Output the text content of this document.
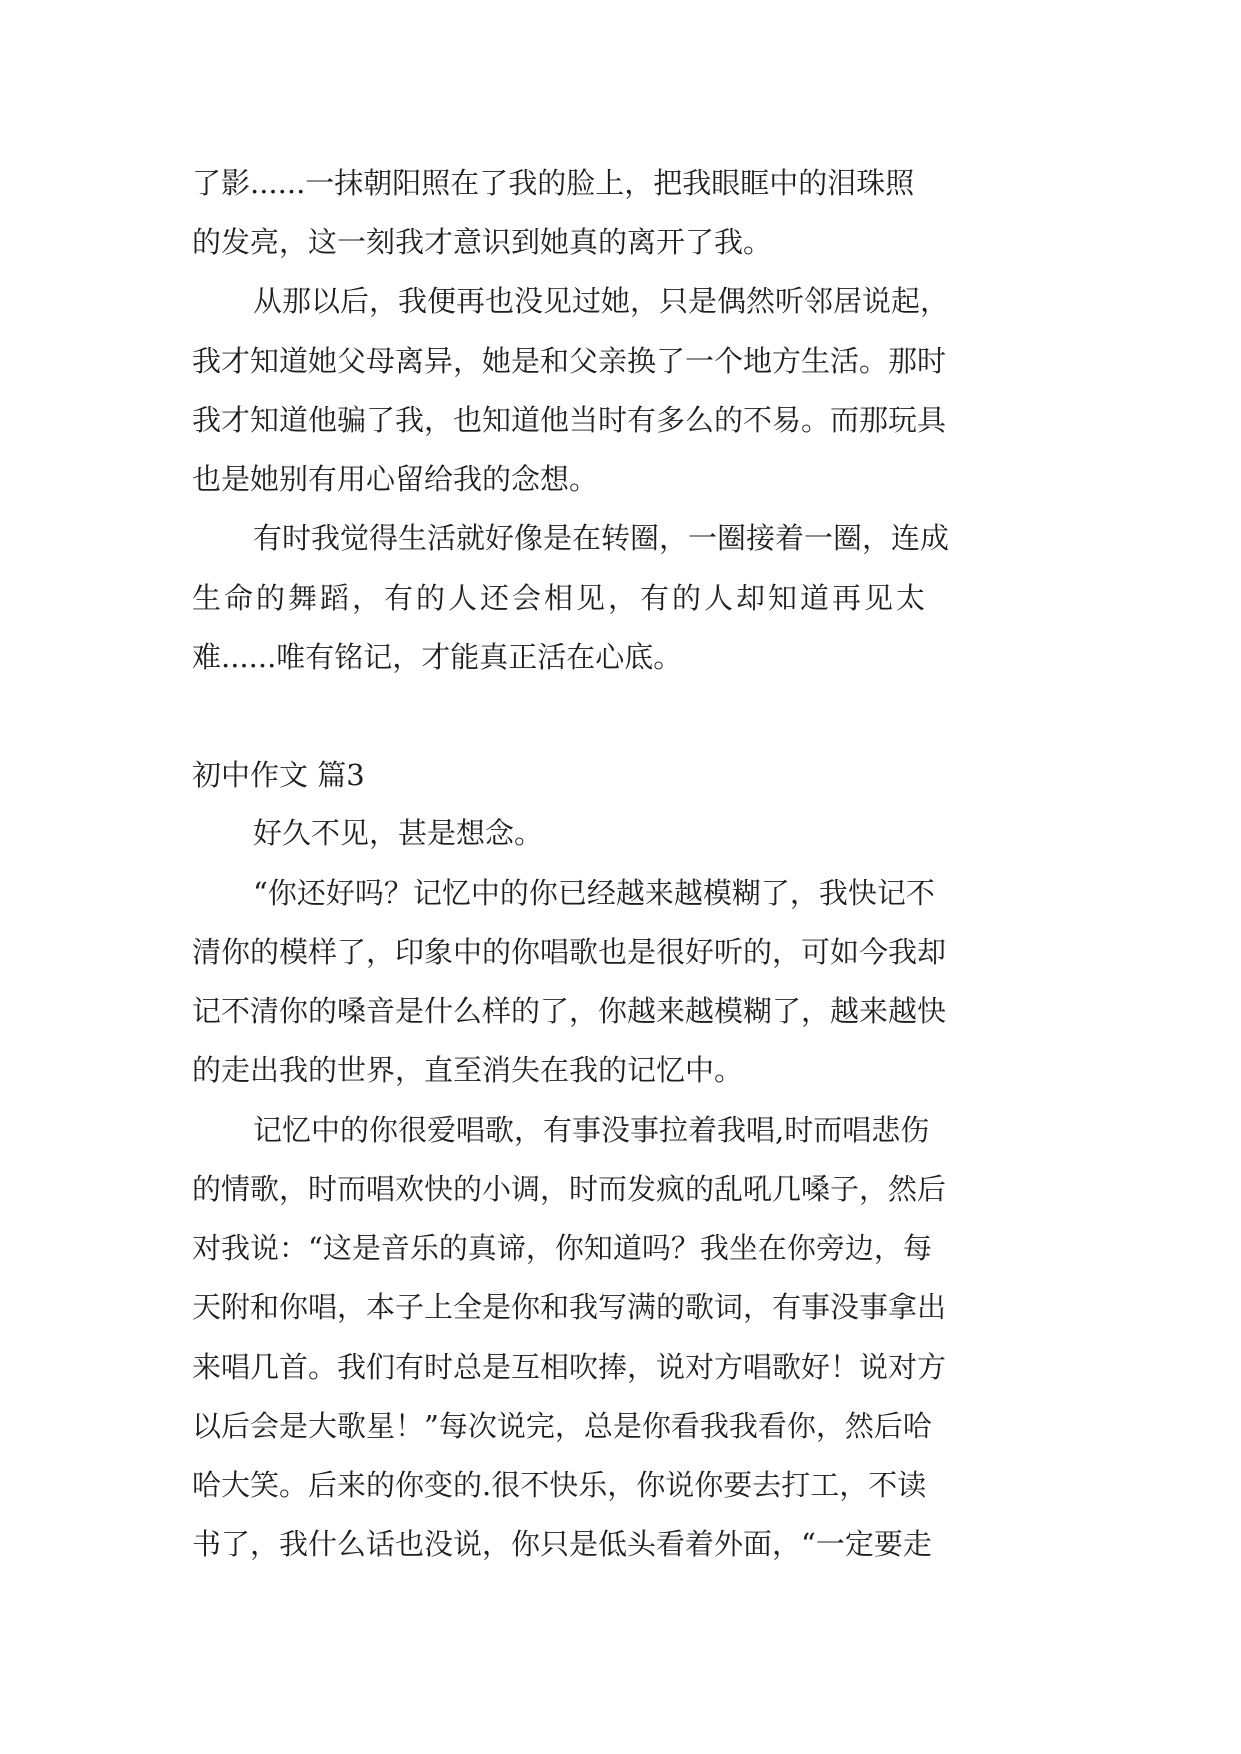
了影......一抹朝阳照在了我的脸上，把我眼眶中的泪珠照

的发亮，这一刻我才意识到她真的离开了我。

从那以后，我便再也没见过她，只是偶然听邻居说起，

我才知道她父母离异，她是和父亲换了一个地方生活。那时

我才知道他骗了我，也知道他当时有多么的不易。而那玩具

也是她别有用心留给我的念想。

有时我觉得生活就好像是在转圈，一圈接着一圈，连成

生命的舞蹈，有的人还会相见，有的人却知道再见太

难......唯有铭记，才能真正活在心底。

初中作文 篇3

好久不见，甚是想念。

“你还好吗？记忆中的你已经越来越模糊了，我快记不

清你的模样了，印象中的你唱歌也是很好听的，可如今我却

记不清你的嗓音是什么样的了，你越来越模糊了，越来越快

的走出我的世界，直至消失在我的记忆中。

记忆中的你很爱唱歌，有事没事拉着我唱,时而唱悲伤

的情歌，时而唱欢快的小调，时而发疯的乱吼几嗓子，然后

对我说：“这是音乐的真谛，你知道吗？我坐在你旁边，每

天附和你唱，本子上全是你和我写满的歌词，有事没事拿出

来唱几首。我们有时总是互相吹捧，说对方唱歌好！说对方

以后会是大歌星！”每次说完，总是你看我我看你，然后哈

哈大笑。后来的你变的.很不快乐，你说你要去打工，不读

书了，我什么话也没说，你只是低头看着外面，“一定要走
